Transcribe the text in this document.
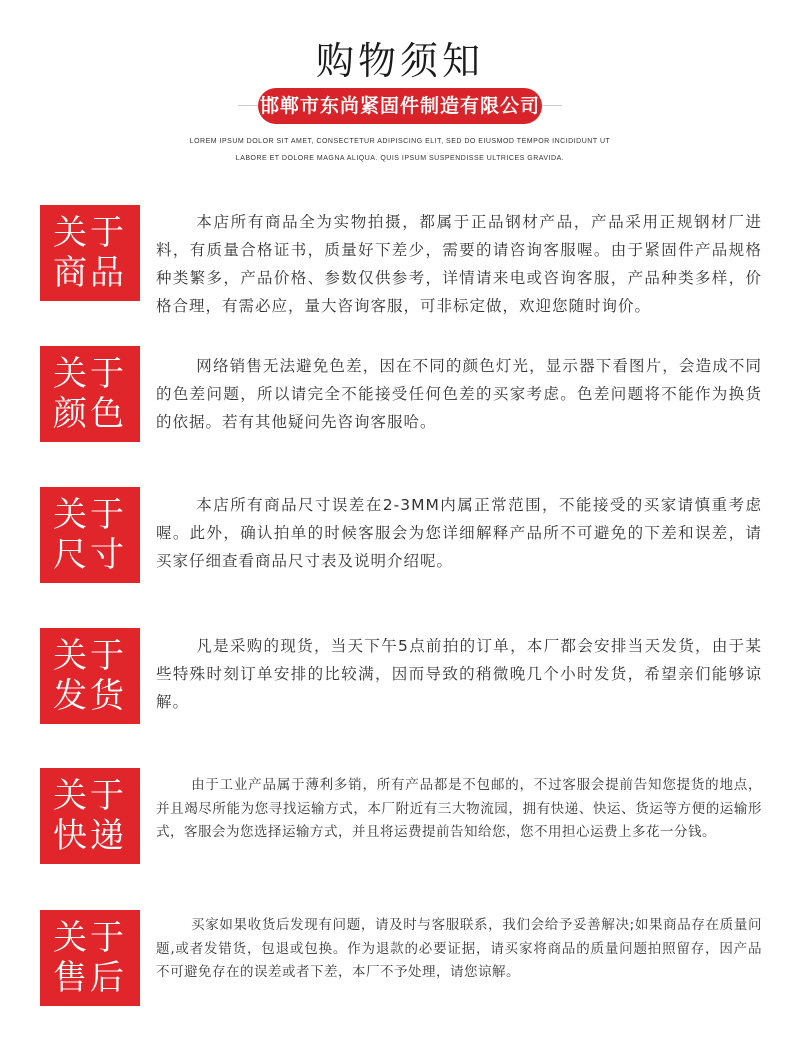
购物须知
邯郸市东尚紧固件制造有限公司
LOREM IPSUM DOLOR SIT AMET, CONSECTETUR ADIPISCING ELIT, SED DO EIUSMOD TEMPOR INCIDIDUNT UT
LABORE ET DOLORE MAGNA ALIQUA. QUIS IPSUM SUSPENDISSE ULTRICES GRAVIDA.
关于
商品

本店所有商品全为实物拍摄，都属于正品钢材产品，产品采用正规钢材厂进料，有质量合格证书，质量好下差少，需要的请咨询客服喔。由于紧固件产品规格种类繁多，产品价格、参数仅供参考，详情请来电或咨询客服，产品种类多样，价格合理，有需必应，量大咨询客服，可非标定做，欢迎您随时询价。

关于
颜色

网络销售无法避免色差，因在不同的颜色灯光，显示器下看图片，会造成不同的色差问题，所以请完全不能接受任何色差的买家考虑。色差问题将不能作为换货的依据。若有其他疑问先咨询客服哈。

关于
尺寸

本店所有商品尺寸误差在2-3MM内属正常范围，不能接受的买家请慎重考虑喔。此外，确认拍单的时候客服会为您详细解释产品所不可避免的下差和误差，请买家仔细查看商品尺寸表及说明介绍呢。

关于
发货

凡是采购的现货，当天下午5点前拍的订单，本厂都会安排当天发货，由于某些特殊时刻订单安排的比较满，因而导致的稍微晚几个小时发货，希望亲们能够谅解。

关于
快递

由于工业产品属于薄利多销，所有产品都是不包邮的，不过客服会提前告知您提货的地点，并且竭尽所能为您寻找运输方式，本厂附近有三大物流园，拥有快递、快运、货运等方便的运输形式，客服会为您选择运输方式，并且将运费提前告知给您，您不用担心运费上多花一分钱。

关于
售后

买家如果收货后发现有问题，请及时与客服联系，我们会给予妥善解决;如果商品存在质量问题,或者发错货，包退或包换。作为退款的必要证据，请买家将商品的质量问题拍照留存，因产品不可避免存在的误差或者下差，本厂不予处理，请您谅解。
